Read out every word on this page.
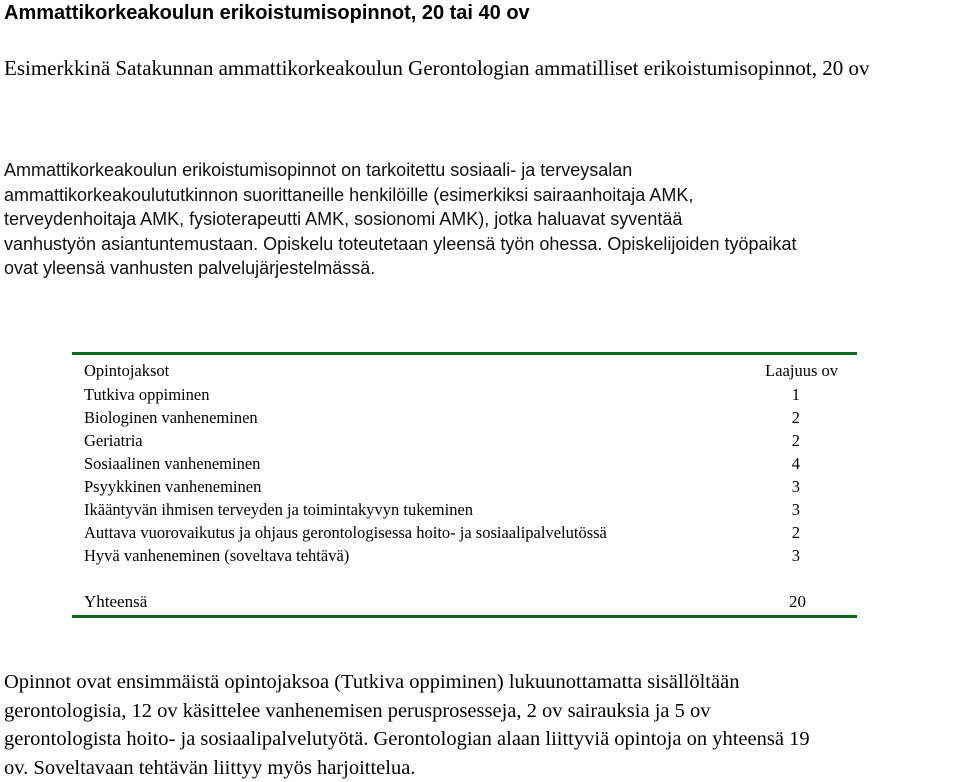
Ammattikorkeakoulun erikoistumisopinnot, 20 tai 40 ov
Esimerkkinä Satakunnan ammattikorkeakoulun Gerontologian ammatilliset erikoistumisopinnot, 20 ov
Ammattikorkeakoulun erikoistumisopinnot on tarkoitettu sosiaali- ja terveysalan
ammattikorkeakoulututkinnon suorittaneille henkilöille (esimerkiksi sairaanhoitaja AMK,
terveydenhoitaja AMK, fysioterapeutti AMK, sosionomi AMK), jotka haluavat syventää
vanhustyön asiantuntemustaan. Opiskelu toteutetaan yleensä työn ohessa. Opiskelijoiden työpaikat
ovat yleensä vanhusten palvelujärjestelmässä.
Opintojaksot	Laajuus ov
Tutkiva oppiminen	1
Biologinen vanheneminen	2
Geriatria	2
Sosiaalinen vanheneminen	4
Psyykkinen vanheneminen	3
Ikääntyvän ihmisen terveyden ja toimintakyvyn tukeminen	3
Auttava vuorovaikutus ja ohjaus gerontologisessa hoito- ja sosiaalipalvelutössä	2
Hyvä vanheneminen (soveltava tehtävä)	3
Yhteensä	20
Opinnot ovat ensimmäistä opintojaksoa (Tutkiva oppiminen) lukuunottamatta sisällöltään
gerontologisia, 12 ov käsittelee vanhenemisen perusprosesseja, 2 ov sairauksia ja 5 ov
gerontologista hoito- ja sosiaalipalvelutyötä. Gerontologian alaan liittyviä opintoja on yhteensä 19
ov. Soveltavaan tehtävän liittyy myös harjoittelua.
